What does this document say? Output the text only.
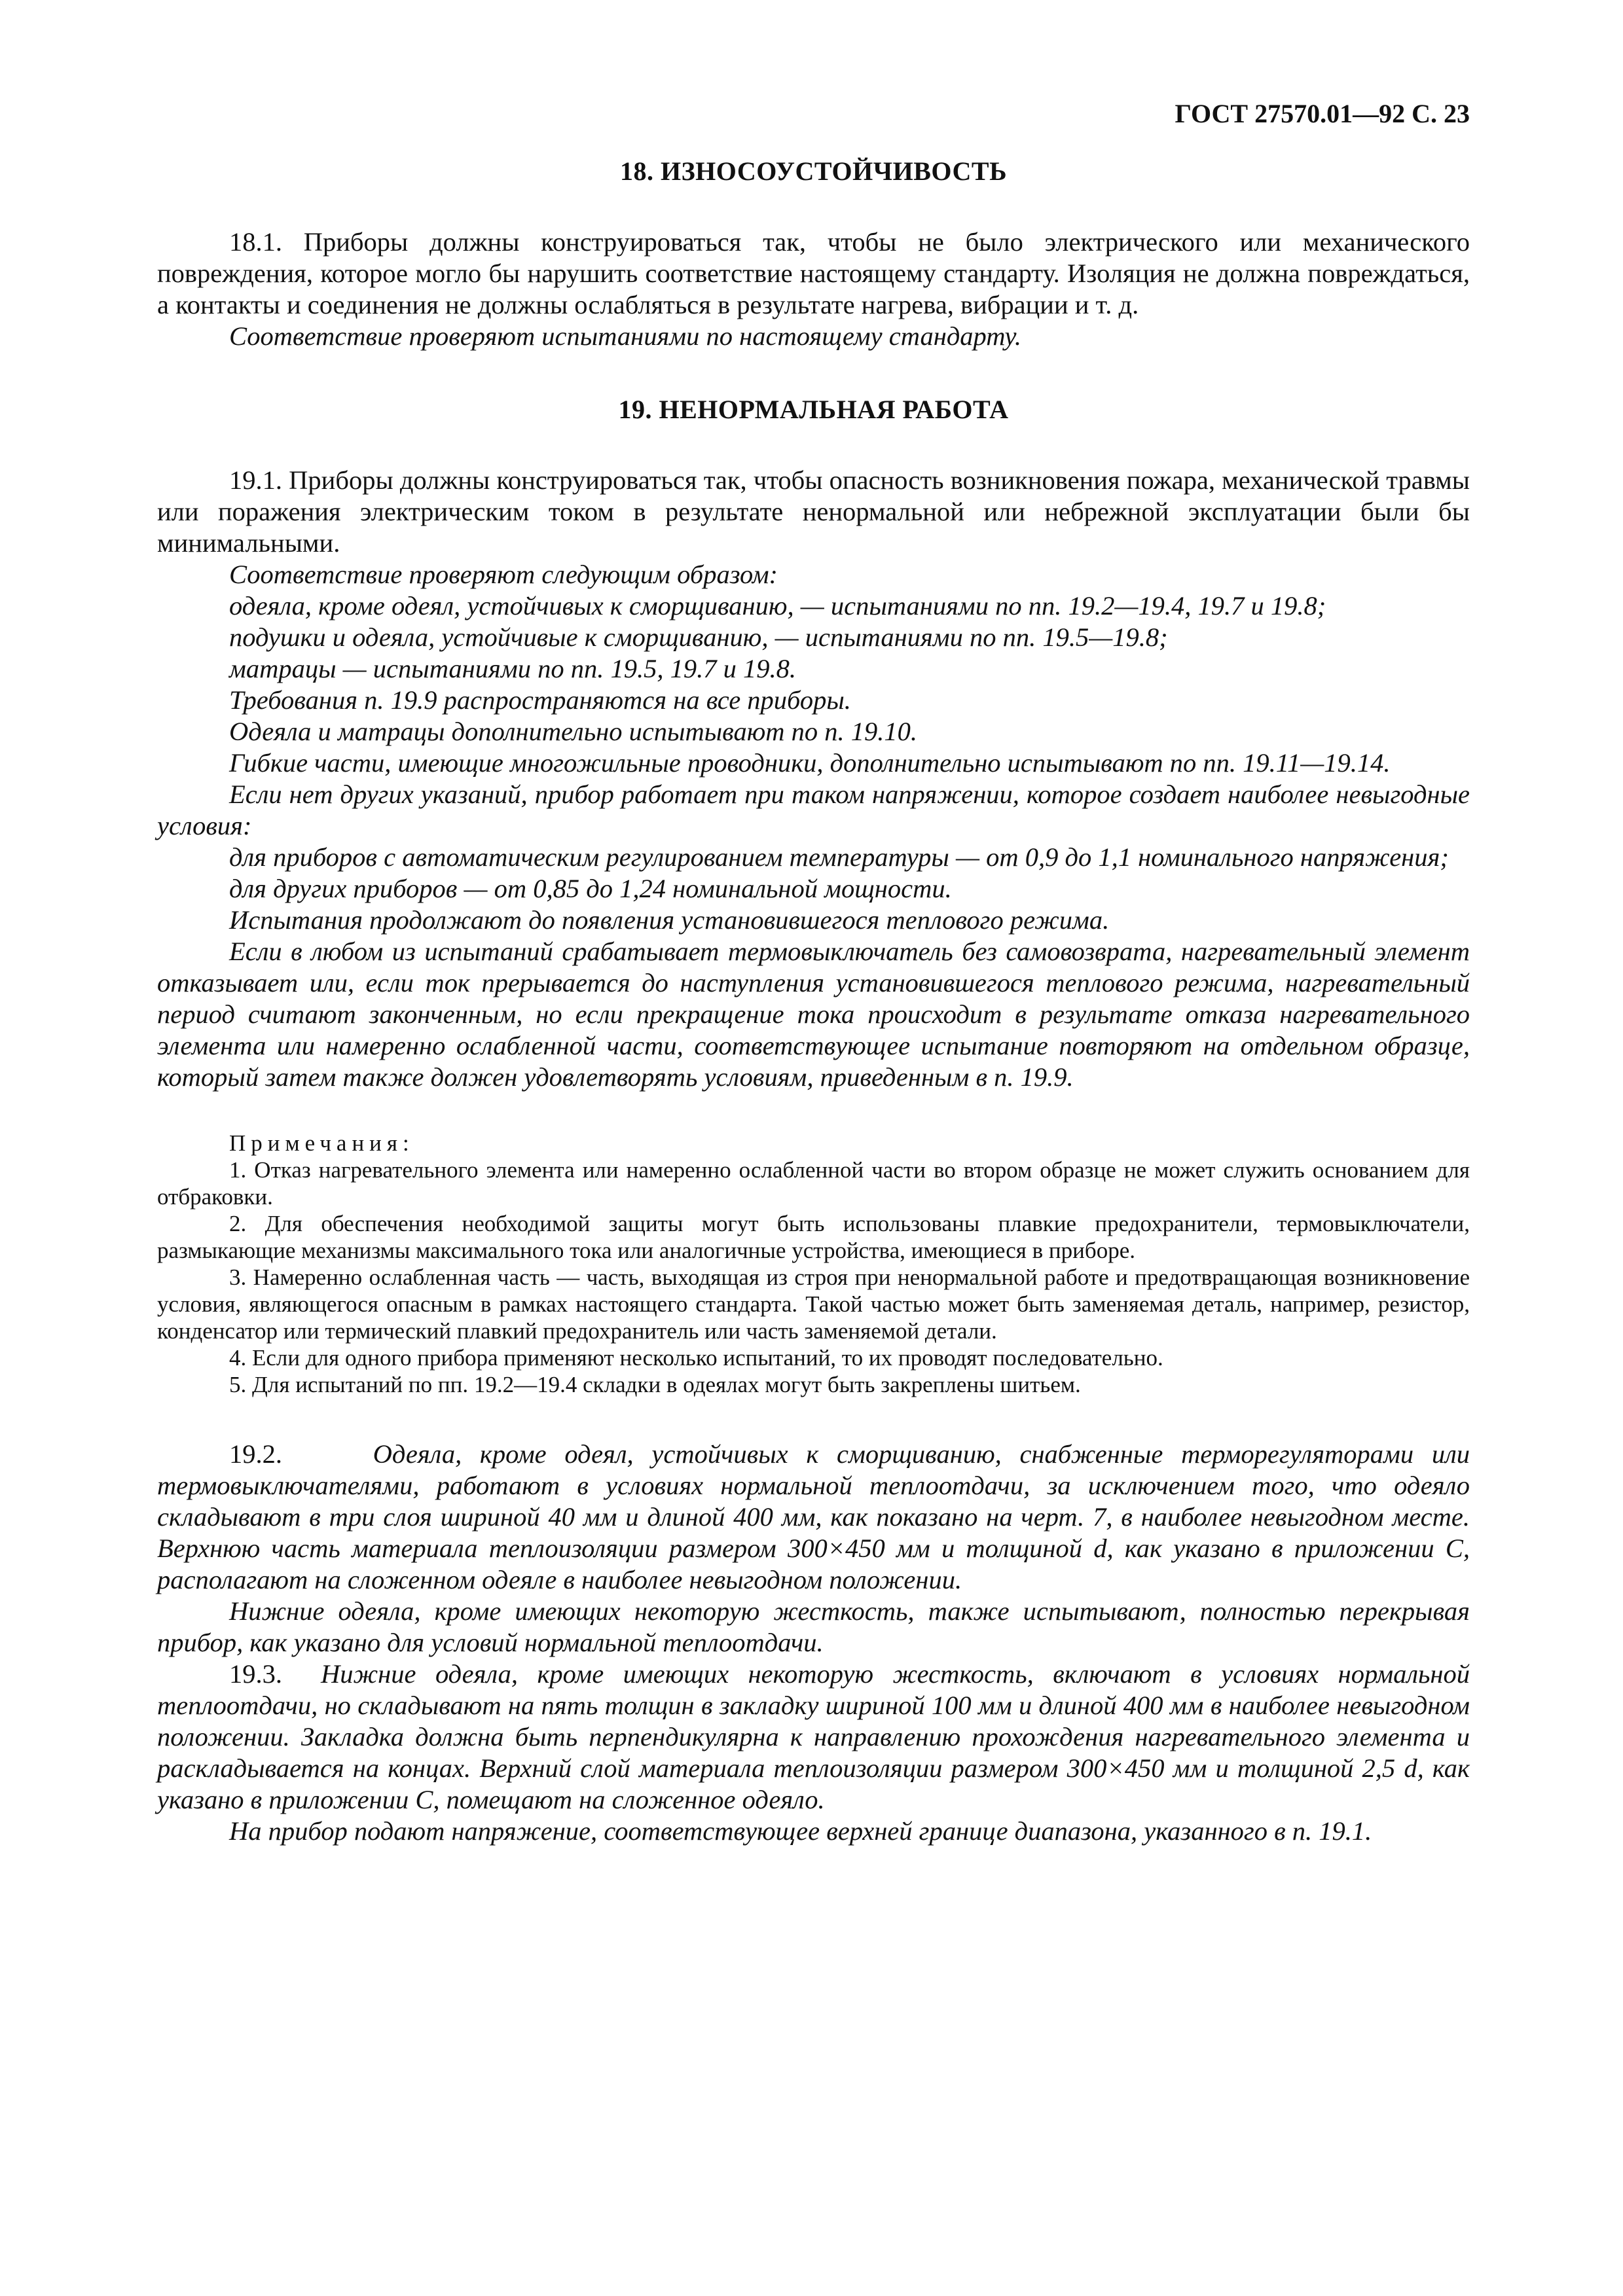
ГОСТ 27570.01—92 С. 23
18. ИЗНОСОУСТОЙЧИВОСТЬ

18.1. Приборы должны конструироваться так, чтобы не было электрического или механического повреждения, которое могло бы нарушить соответствие настоящему стандарту. Изоляция не должна повреждаться, а контакты и соединения не должны ослабляться в результате нагрева, вибрации и т. д.

Соответствие проверяют испытаниями по настоящему стандарту.

19. НЕНОРМАЛЬНАЯ РАБОТА

19.1. Приборы должны конструироваться так, чтобы опасность возникновения пожара, механической травмы или поражения электрическим током в результате ненормальной или небрежной эксплуатации были бы минимальными.

Соответствие проверяют следующим образом:

одеяла, кроме одеял, устойчивых к сморщиванию, — испытаниями по пп. 19.2—19.4, 19.7 и 19.8;

подушки и одеяла, устойчивые к сморщиванию, — испытаниями по пп. 19.5—19.8;

матрацы — испытаниями по пп. 19.5, 19.7 и 19.8.

Требования п. 19.9 распространяются на все приборы.

Одеяла и матрацы дополнительно испытывают по п. 19.10.

Гибкие части, имеющие многожильные проводники, дополнительно испытывают по пп. 19.11—19.14.

Если нет других указаний, прибор работает при таком напряжении, которое создает наиболее невыгодные условия:

для приборов с автоматическим регулированием температуры — от 0,9 до 1,1 номинального напряжения;

для других приборов — от 0,85 до 1,24 номинальной мощности.

Испытания продолжают до появления установившегося теплового режима.

Если в любом из испытаний срабатывает термовыключатель без самовозврата, нагревательный элемент отказывает или, если ток прерывается до наступления установившегося теплового режима, нагревательный период считают законченным, но если прекращение тока происходит в результате отказа нагревательного элемента или намеренно ослабленной части, соответствующее испытание повторяют на отдельном образце, который затем также должен удовлетворять условиям, приведенным в п. 19.9.

Примечания:

1. Отказ нагревательного элемента или намеренно ослабленной части во втором образце не может служить основанием для отбраковки.

2. Для обеспечения необходимой защиты могут быть использованы плавкие предохранители, термовыключатели, размыкающие механизмы максимального тока или аналогичные устройства, имеющиеся в приборе.

3. Намеренно ослабленная часть — часть, выходящая из строя при ненормальной работе и предотвращающая возникновение условия, являющегося опасным в рамках настоящего стандарта. Такой частью может быть заменяемая деталь, например, резистор, конденсатор или термический плавкий предохранитель или часть заменяемой детали.

4. Если для одного прибора применяют несколько испытаний, то их проводят последовательно.

5. Для испытаний по пп. 19.2—19.4 складки в одеялах могут быть закреплены шитьем.

19.2.	Одеяла, кроме одеял, устойчивых к сморщиванию, снабженные терморегуляторами или термовыключателями, работают в условиях нормальной теплоотдачи, за исключением того, что одеяло складывают в три слоя шириной 40 мм и длиной 400 мм, как показано на черт. 7, в наиболее невыгодном месте. Верхнюю часть материала теплоизоляции размером 300×450 мм и толщиной d, как указано в приложении С, располагают на сложенном одеяле в наиболее невыгодном положении.

Нижние одеяла, кроме имеющих некоторую жесткость, также испытывают, полностью перекрывая прибор, как указано для условий нормальной теплоотдачи.

19.3. Нижние одеяла, кроме имеющих некоторую жесткость, включают в условиях нормальной теплоотдачи, но складывают на пять толщин в закладку шириной 100 мм и длиной 400 мм в наиболее невыгодном положении. Закладка должна быть перпендикулярна к направлению прохождения нагревательного элемента и раскладывается на концах. Верхний слой материала теплоизоляции размером 300×450 мм и толщиной 2,5 d, как указано в приложении С, помещают на сложенное одеяло.

На прибор подают напряжение, соответствующее верхней границе диапазона, указанного в п. 19.1.
